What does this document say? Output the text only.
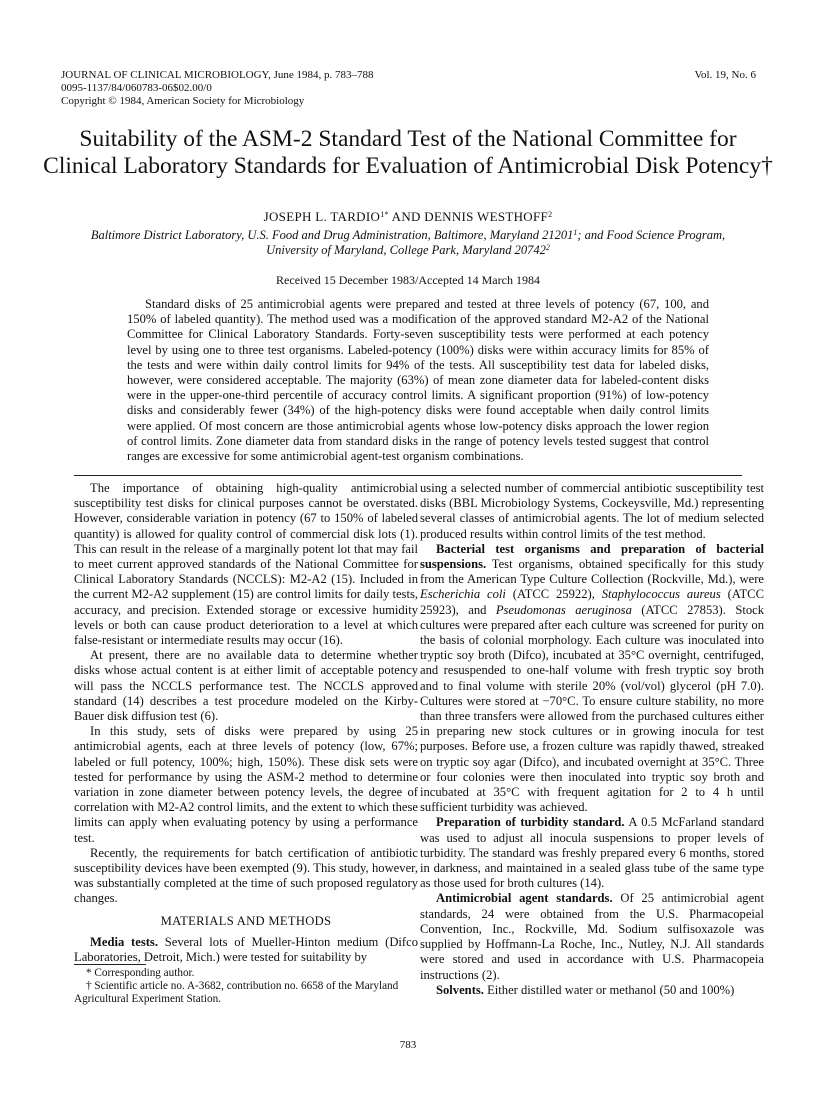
JOURNAL OF CLINICAL MICROBIOLOGY, June 1984, p. 783–788
0095-1137/84/060783-06$02.00/0
Copyright © 1984, American Society for Microbiology
Vol. 19, No. 6
Suitability of the ASM-2 Standard Test of the National Committee for Clinical Laboratory Standards for Evaluation of Antimicrobial Disk Potency†
JOSEPH L. $TARDIO^{1*}$ AND DENNIS WESTHOFF$^2$
Baltimore District Laboratory, U.S. Food and Drug Administration, Baltimore, Maryland 21201$^1$; and Food Science Program, University of Maryland, College Park, Maryland 20742$^2$
Received 15 December 1983/Accepted 14 March 1984

Standard disks of 25 antimicrobial agents were prepared and tested at three levels of potency (67, 100, and 150% of labeled quantity). The method used was a modification of the approved standard M2-A2 of the National Committee for Clinical Laboratory Standards. Forty-seven susceptibility tests were performed at each potency level by using one to three test organisms. Labeled-potency (100%) disks were within accuracy limits for 85% of the tests and were within daily control limits for 94% of the tests. All susceptibility test data for labeled disks, however, were considered acceptable. The majority (63%) of mean zone diameter data for labeled-content disks were in the upper-one-third percentile of accuracy control limits. A significant proportion (91%) of low-potency disks and considerably fewer (34%) of the high-potency disks were found acceptable when daily control limits were applied. Of most concern are those antimicrobial agents whose low-potency disks approach the lower region of control limits. Zone diameter data from standard disks in the range of potency levels tested suggest that control ranges are excessive for some antimicrobial agent-test organism combinations.

The importance of obtaining high-quality antimicrobial susceptibility test disks for clinical purposes cannot be overstated. However, considerable variation in potency (67 to 150% of labeled quantity) is allowed for quality control of commercial disk lots (1). This can result in the release of a marginally potent lot that may fail to meet current approved standards of the National Committee for Clinical Laboratory Standards (NCCLS): M2-A2 (15). Included in the current M2-A2 supplement (15) are control limits for daily tests, accuracy, and precision. Extended storage or excessive humidity levels or both can cause product deterioration to a level at which false-resistant or intermediate results may occur (16).

At present, there are no available data to determine whether disks whose actual content is at either limit of acceptable potency will pass the NCCLS performance test. The NCCLS approved standard (14) describes a test procedure modeled on the Kirby-Bauer disk diffusion test (6).

In this study, sets of disks were prepared by using 25 antimicrobial agents, each at three levels of potency (low, 67%; labeled or full potency, 100%; high, 150%). These disk sets were tested for performance by using the ASM-2 method to determine variation in zone diameter between potency levels, the degree of correlation with M2-A2 control limits, and the extent to which these limits can apply when evaluating potency by using a performance test.

Recently, the requirements for batch certification of antibiotic susceptibility devices have been exempted (9). This study, however, was substantially completed at the time of such proposed regulatory changes.

MATERIALS AND METHODS

Media tests. Several lots of Mueller-Hinton medium (Difco Laboratories, Detroit, Mich.) were tested for suitability by

* Corresponding author.

† Scientific article no. A-3682, contribution no. 6658 of the Maryland Agricultural Experiment Station.

using a selected number of commercial antibiotic susceptibility test disks (BBL Microbiology Systems, Cockeysville, Md.) representing several classes of antimicrobial agents. The lot of medium selected produced results within control limits of the test method.

Bacterial test organisms and preparation of bacterial suspensions. Test organisms, obtained specifically for this study from the American Type Culture Collection (Rockville, Md.), were Escherichia coli (ATCC 25922), Staphylococcus aureus (ATCC 25923), and Pseudomonas aeruginosa (ATCC 27853). Stock cultures were prepared after each culture was screened for purity on the basis of colonial morphology. Each culture was inoculated into tryptic soy broth (Difco), incubated at 35°C overnight, centrifuged, and resuspended to one-half volume with fresh tryptic soy broth and to final volume with sterile 20% (vol/vol) glycerol (pH 7.0). Cultures were stored at −70°C. To ensure culture stability, no more than three transfers were allowed from the purchased cultures either in preparing new stock cultures or in growing inocula for test purposes. Before use, a frozen culture was rapidly thawed, streaked on tryptic soy agar (Difco), and incubated overnight at 35°C. Three or four colonies were then inoculated into tryptic soy broth and incubated at 35°C with frequent agitation for 2 to 4 h until sufficient turbidity was achieved.

Preparation of turbidity standard. A 0.5 McFarland standard was used to adjust all inocula suspensions to proper levels of turbidity. The standard was freshly prepared every 6 months, stored in darkness, and maintained in a sealed glass tube of the same type as those used for broth cultures (14).

Antimicrobial agent standards. Of 25 antimicrobial agent standards, 24 were obtained from the U.S. Pharmacopeial Convention, Inc., Rockville, Md. Sodium sulfisoxazole was supplied by Hoffmann-La Roche, Inc., Nutley, N.J. All standards were stored and used in accordance with U.S. Pharmacopeia instructions (2).

Solvents. Either distilled water or methanol (50 and 100%)

783
